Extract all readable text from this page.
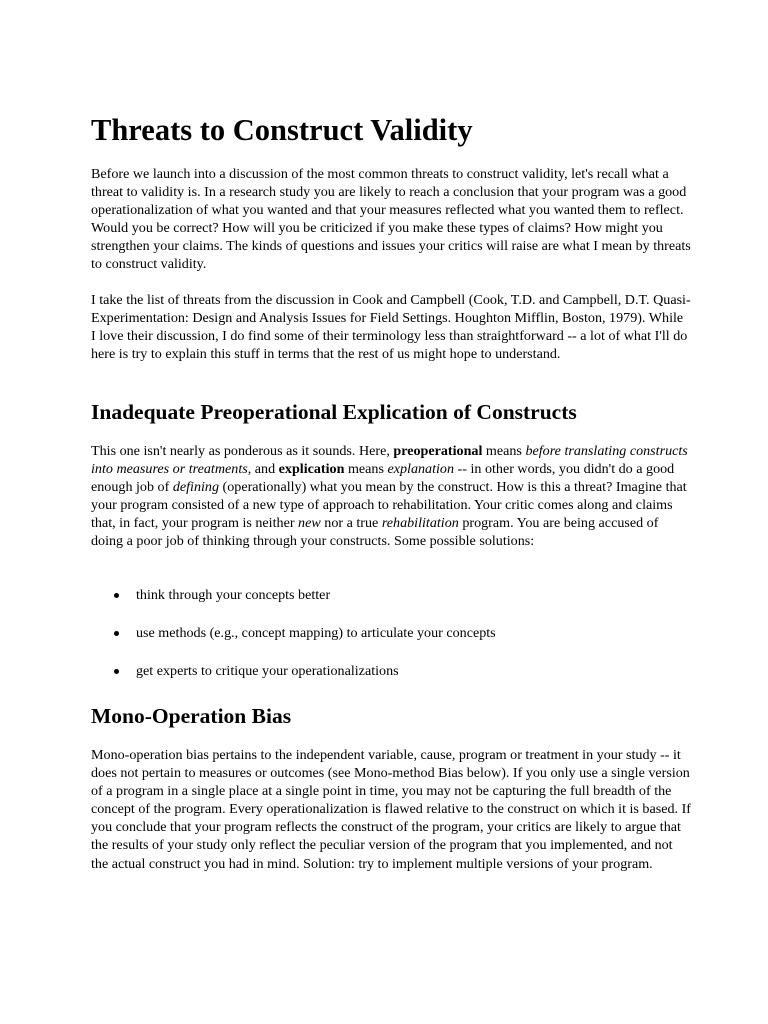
Threats to Construct Validity

Before we launch into a discussion of the most common threats to construct validity, let's recall what a threat to validity is. In a research study you are likely to reach a conclusion that your program was a good operationalization of what you wanted and that your measures reflected what you wanted them to reflect. Would you be correct? How will you be criticized if you make these types of claims? How might you strengthen your claims. The kinds of questions and issues your critics will raise are what I mean by threats to construct validity.

I take the list of threats from the discussion in Cook and Campbell (Cook, T.D. and Campbell, D.T. Quasi-Experimentation: Design and Analysis Issues for Field Settings. Houghton Mifflin, Boston, 1979). While I love their discussion, I do find some of their terminology less than straightforward -- a lot of what I'll do here is try to explain this stuff in terms that the rest of us might hope to understand.

Inadequate Preoperational Explication of Constructs

This one isn't nearly as ponderous as it sounds. Here, preoperational means before translating constructs into measures or treatments, and explication means explanation -- in other words, you didn't do a good enough job of defining (operationally) what you mean by the construct. How is this a threat? Imagine that your program consisted of a new type of approach to rehabilitation. Your critic comes along and claims that, in fact, your program is neither new nor a true rehabilitation program. You are being accused of doing a poor job of thinking through your constructs. Some possible solutions:

think through your concepts better
use methods (e.g., concept mapping) to articulate your concepts
get experts to critique your operationalizations
Mono-Operation Bias

Mono-operation bias pertains to the independent variable, cause, program or treatment in your study -- it does not pertain to measures or outcomes (see Mono-method Bias below). If you only use a single version of a program in a single place at a single point in time, you may not be capturing the full breadth of the concept of the program. Every operationalization is flawed relative to the construct on which it is based. If you conclude that your program reflects the construct of the program, your critics are likely to argue that the results of your study only reflect the peculiar version of the program that you implemented, and not the actual construct you had in mind. Solution: try to implement multiple versions of your program.
